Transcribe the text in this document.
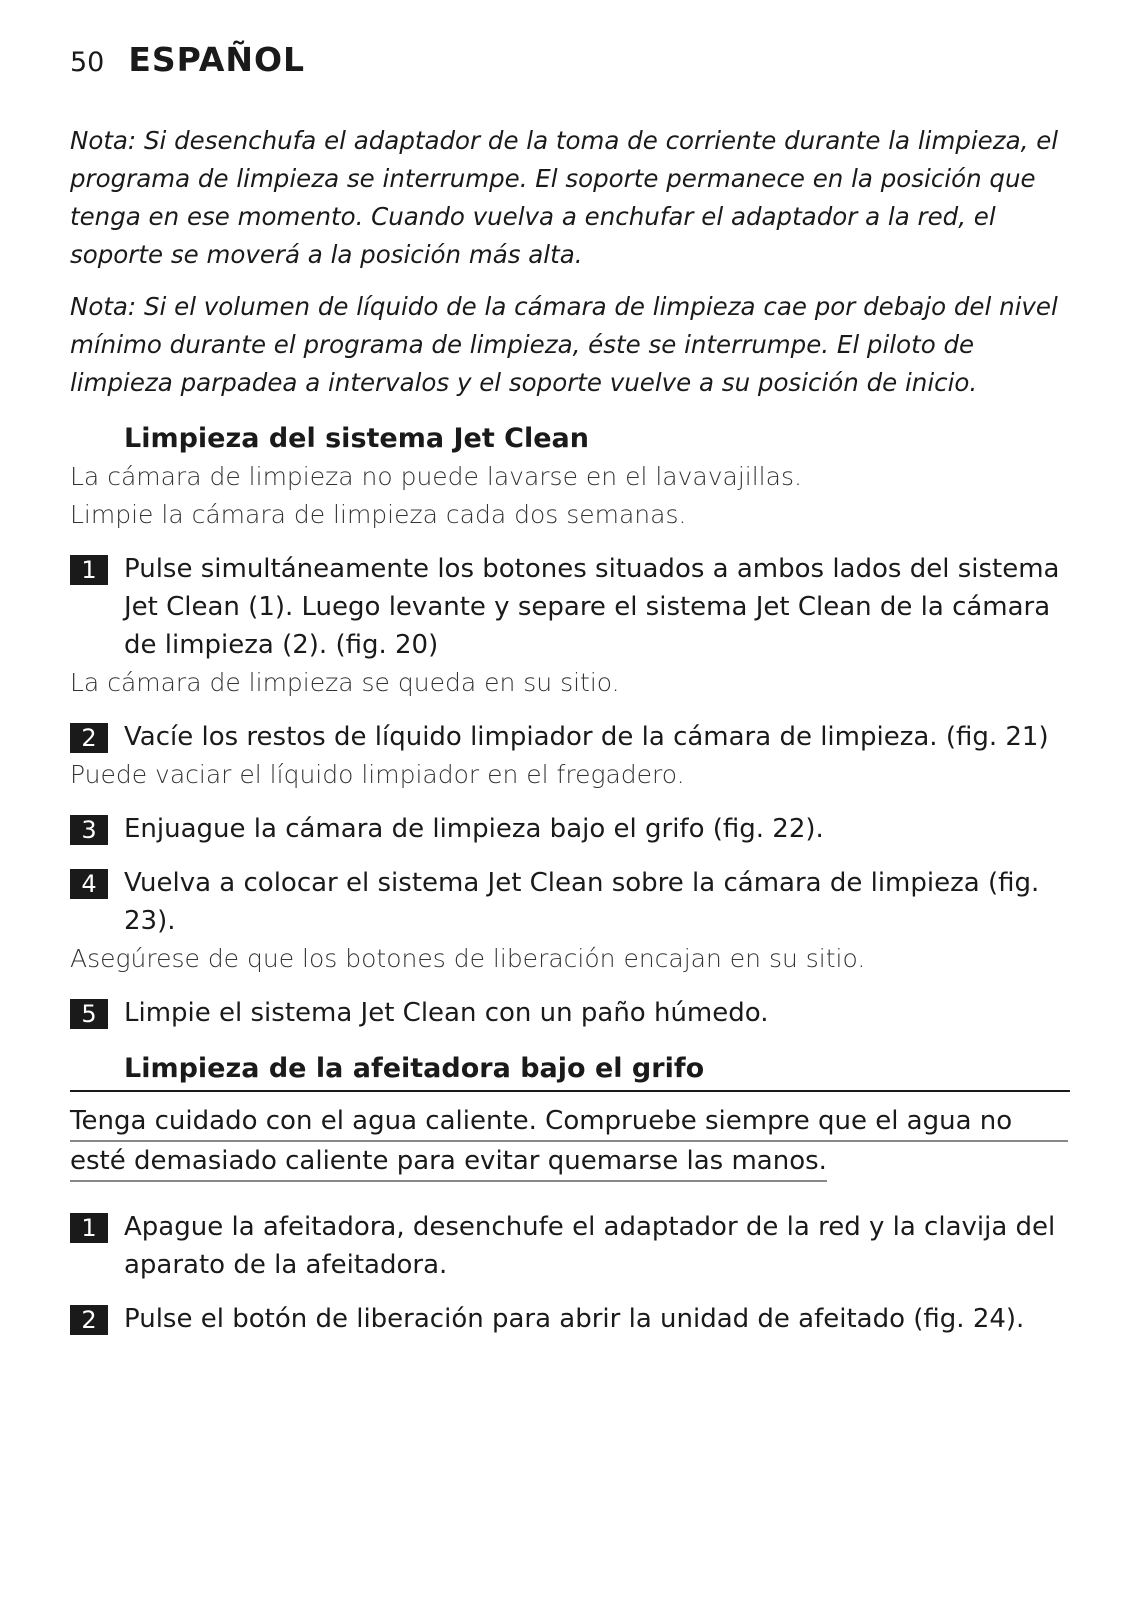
50 ESPAÑOL

Nota: Si desenchufa el adaptador de la toma de corriente durante la limpieza, el programa de limpieza se interrumpe. El soporte permanece en la posición que tenga en ese momento. Cuando vuelva a enchufar el adaptador a la red, el soporte se moverá a la posición más alta.

Nota: Si el volumen de líquido de la cámara de limpieza cae por debajo del nivel mínimo durante el programa de limpieza, éste se interrumpe. El piloto de limpieza parpadea a intervalos y el soporte vuelve a su posición de inicio.

Limpieza del sistema Jet Clean

La cámara de limpieza no puede lavarse en el lavavajillas.

Limpie la cámara de limpieza cada dos semanas.

1	Pulse simultáneamente los botones situados a ambos lados del sistema Jet Clean (1). Luego levante y separe el sistema Jet Clean de la cámara de limpieza (2). (fig. 20)

La cámara de limpieza se queda en su sitio.

2	Vacíe los restos de líquido limpiador de la cámara de limpieza. (fig. 21)

Puede vaciar el líquido limpiador en el fregadero.

3	Enjuague la cámara de limpieza bajo el grifo (fig. 22).
4	Vuelva a colocar el sistema Jet Clean sobre la cámara de limpieza (fig. 23).

Asegúrese de que los botones de liberación encajan en su sitio.

5	Limpie el sistema Jet Clean con un paño húmedo.
Limpieza de la afeitadora bajo el grifo
Tenga cuidado con el agua caliente. Compruebe siempre que el agua no
esté demasiado caliente para evitar quemarse las manos.
1	Apague la afeitadora, desenchufe el adaptador de la red y la clavija del aparato de la afeitadora.
2	Pulse el botón de liberación para abrir la unidad de afeitado (fig. 24).
